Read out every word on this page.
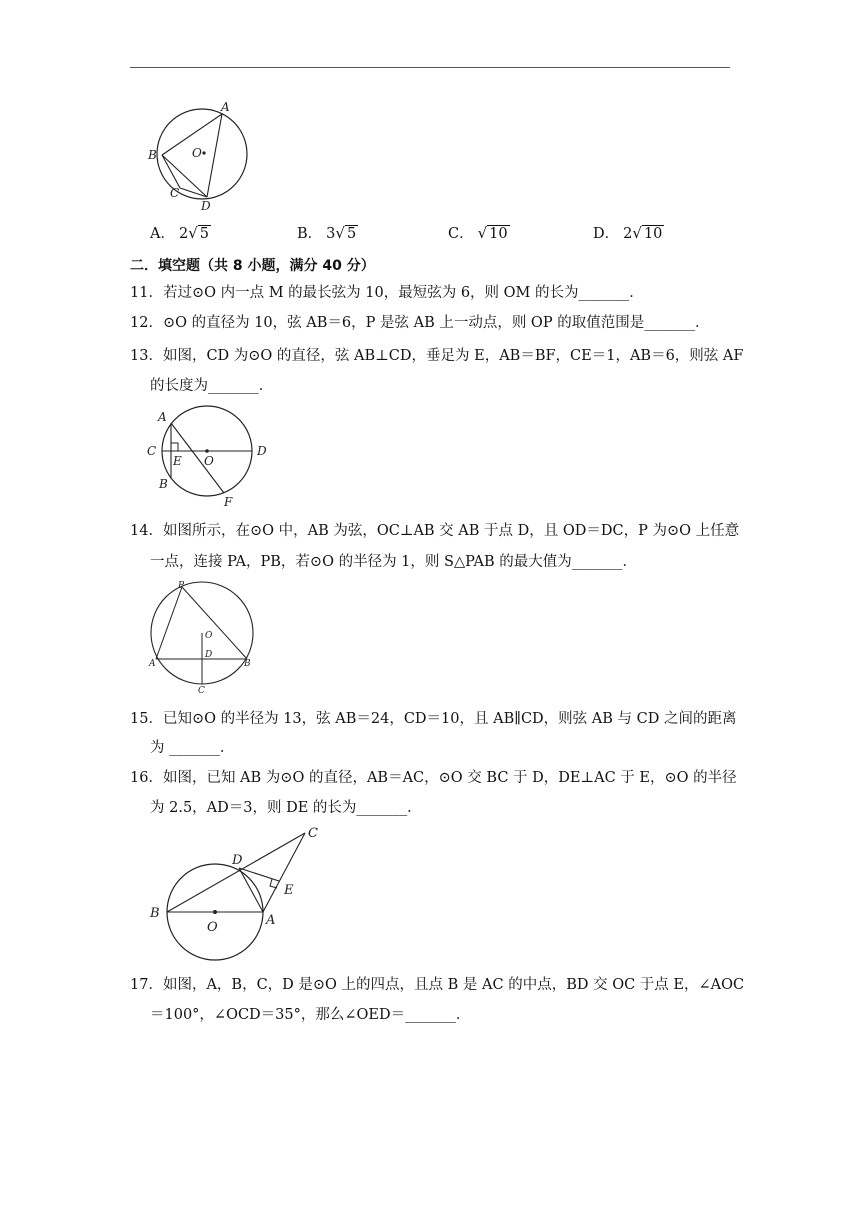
A
B	O
C
D
A． 2√ 5	B． 3√ 5	C． √ 10	D． 2√ 10
二．填空题（共 8 小题，满分 40 分）
11．若过⊙O 内一点 M 的最长弦为 10，最短弦为 6，则 OM 的长为_______．
12．⊙O 的直径为 10，弦 AB＝6，P 是弦 AB 上一动点，则 OP 的取值范围是_______．
13．如图，CD 为⊙O 的直径，弦 AB⊥CD，垂足为 E，AB＝BF，CE＝1，AB＝6，则弦 AF
的长度为_______．
A
C
E O
D
B
F
14．如图所示，在⊙O 中，AB 为弦，OC⊥AB 交 AB 于点 D，且 OD＝DC，P 为⊙O 上任意
一点，连接 PA，PB，若⊙O 的半径为 1，则 S△PAB 的最大值为_______．
P
O
D
A	B
C
15．已知⊙O 的半径为 13，弦 AB＝24，CD＝10，且 AB∥CD，则弦 AB 与 CD 之间的距离
为 _______．
16．如图，已知 AB 为⊙O 的直径，AB＝AC，⊙O 交 BC 于 D，DE⊥AC 于 E，⊙O 的半径
为 2.5，AD＝3，则 DE 的长为_______．
C
D
E
B
O	A
17．如图，A，B，C，D 是⊙O 上的四点，且点 B 是 AC 的中点，BD 交 OC 于点 E，∠AOC
＝100°，∠OCD＝35°，那么∠OED＝_______．
